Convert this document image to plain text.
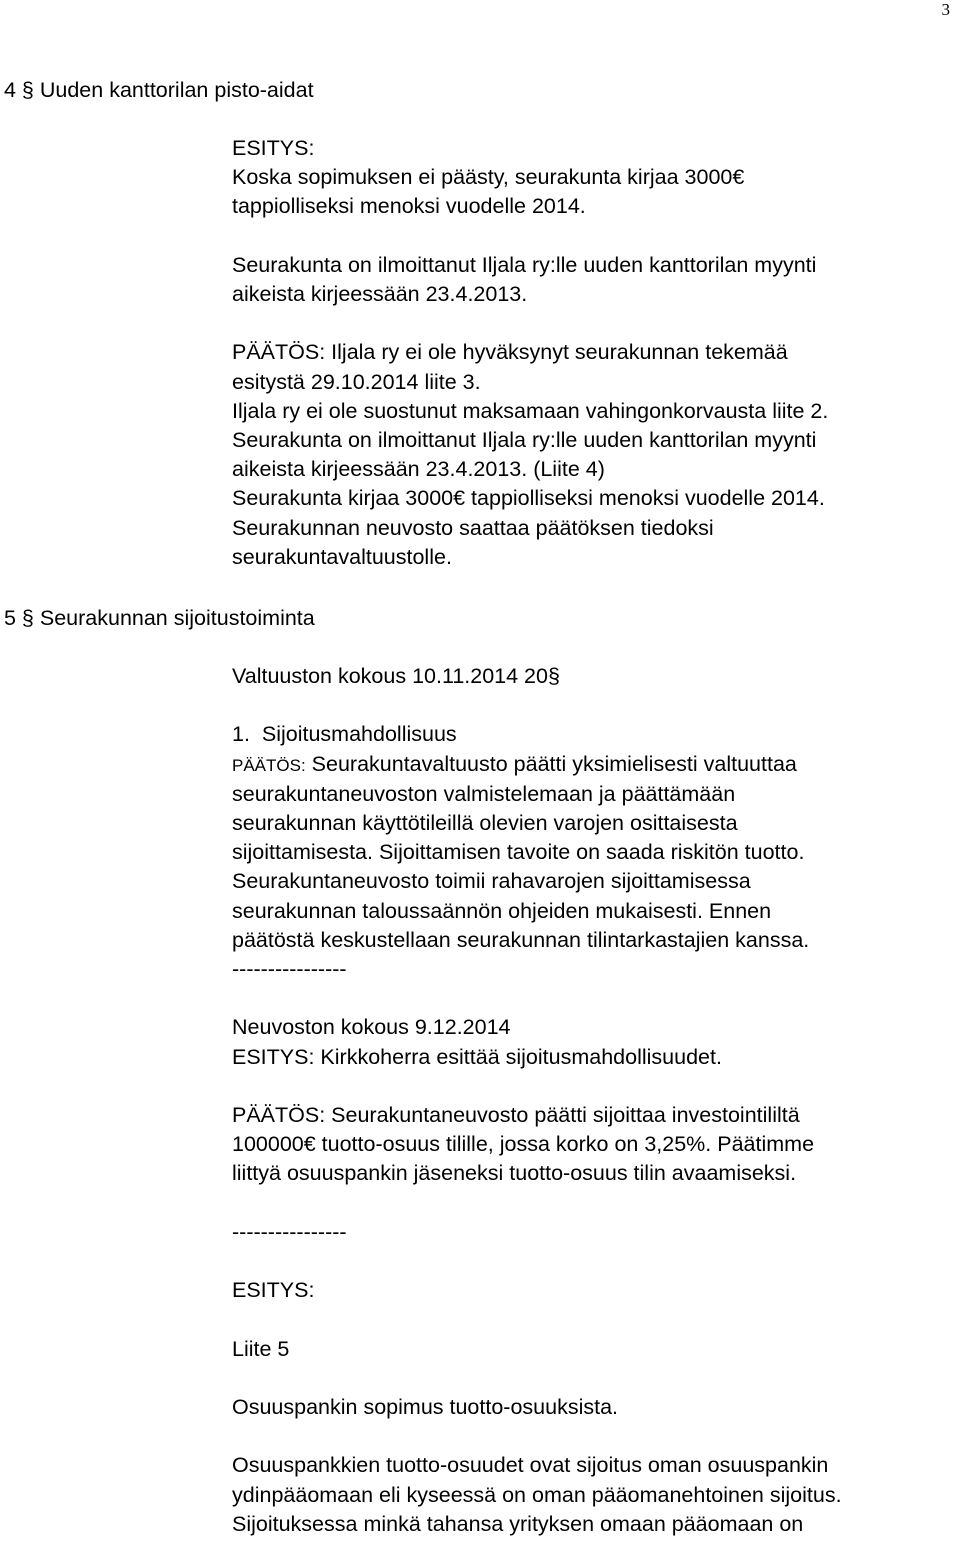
3
4 § Uuden kanttorilan pisto-aidat
5 § Seurakunnan sijoitustoiminta
ESITYS:
Koska sopimuksen ei päästy, seurakunta kirjaa 3000€
tappiolliseksi menoksi vuodelle 2014.
Seurakunta on ilmoittanut Iljala ry:lle uuden kanttorilan myynti
aikeista kirjeessään 23.4.2013.
PÄÄTÖS: Iljala ry ei ole hyväksynyt seurakunnan tekemää
esitystä 29.10.2014 liite 3.
Iljala ry ei ole suostunut maksamaan vahingonkorvausta liite 2.
Seurakunta on ilmoittanut Iljala ry:lle uuden kanttorilan myynti
aikeista kirjeessään 23.4.2013. (Liite 4)
Seurakunta kirjaa 3000€ tappiolliseksi menoksi vuodelle 2014.
Seurakunnan neuvosto saattaa päätöksen tiedoksi
seurakuntavaltuustolle.
Valtuuston kokous 10.11.2014 20§
1.  Sijoitusmahdollisuus
PÄÄTÖS: Seurakuntavaltuusto päätti yksimielisesti valtuuttaa
seurakuntaneuvoston valmistelemaan ja päättämään
seurakunnan käyttötileillä olevien varojen osittaisesta
sijoittamisesta. Sijoittamisen tavoite on saada riskitön tuotto.
Seurakuntaneuvosto toimii rahavarojen sijoittamisessa
seurakunnan taloussaännön ohjeiden mukaisesti. Ennen
päätöstä keskustellaan seurakunnan tilintarkastajien kanssa.
----------------
Neuvoston kokous 9.12.2014
ESITYS: Kirkkoherra esittää sijoitusmahdollisuudet.
PÄÄTÖS: Seurakuntaneuvosto päätti sijoittaa investointililtä
100000€ tuotto-osuus tilille, jossa korko on 3,25%. Päätimme
liittyä osuuspankin jäseneksi tuotto-osuus tilin avaamiseksi.
----------------
ESITYS:
Liite 5
Osuuspankin sopimus tuotto-osuuksista.
Osuuspankkien tuotto-osuudet ovat sijoitus oman osuuspankin
ydinpääomaan eli kyseessä on oman pääomanehtoinen sijoitus.
Sijoituksessa minkä tahansa yrityksen omaan pääomaan on
